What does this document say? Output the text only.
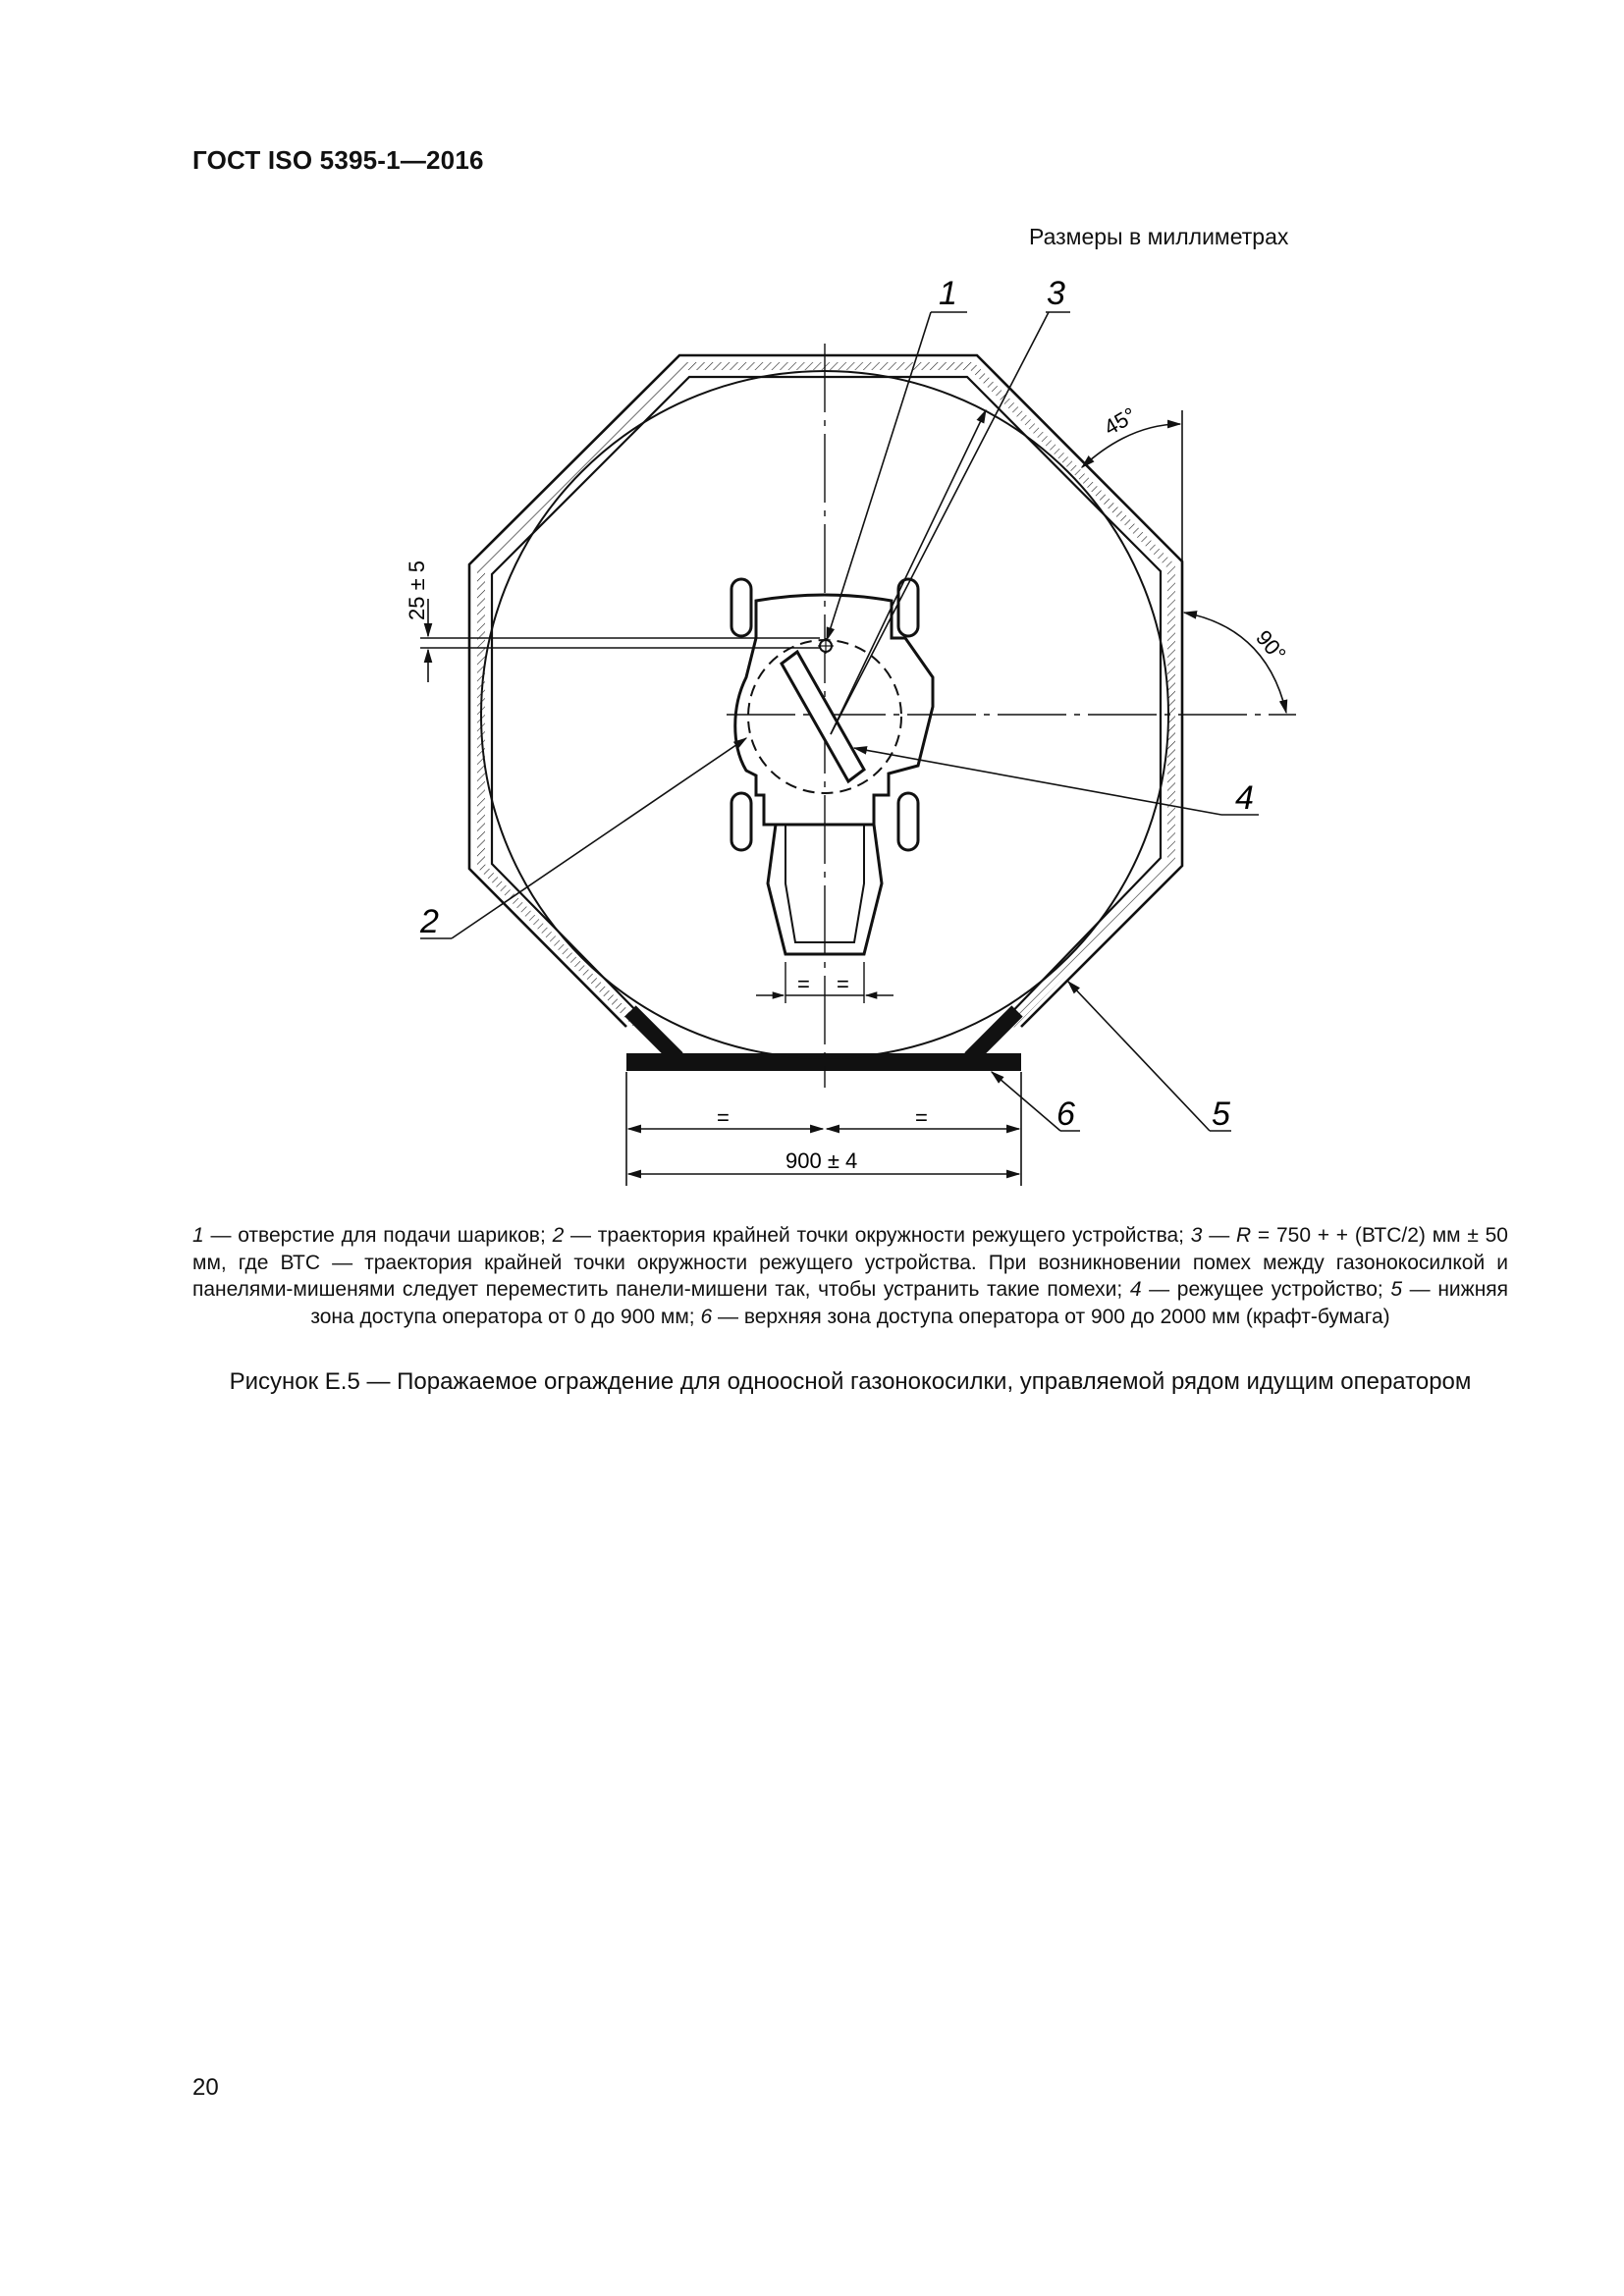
ГОСТ ISO 5395-1—2016
Размеры в миллиметрах
25 ± 5
45°
90°
= =
=	=
900 ± 4
1	3
4
2
5
6
1 — отверстие для подачи шариков; 2 — траектория крайней точки окружности режущего устройства; 3 — R = 750 + + (ВТС/2) мм ± 50 мм, где ВТС — траектория крайней точки окружности режущего устройства. При возникновении помех между газонокосилкой и панелями-мишенями следует переместить панели-мишени так, чтобы устранить такие помехи; 4 — режущее устройство; 5 — нижняя зона доступа оператора от 0 до 900 мм; 6 — верхняя зона доступа оператора от 900 до 2000 мм (крафт-бумага)
Рисунок Е.5 — Поражаемое ограждение для одноосной газонокосилки, управляемой рядом идущим оператором
20
